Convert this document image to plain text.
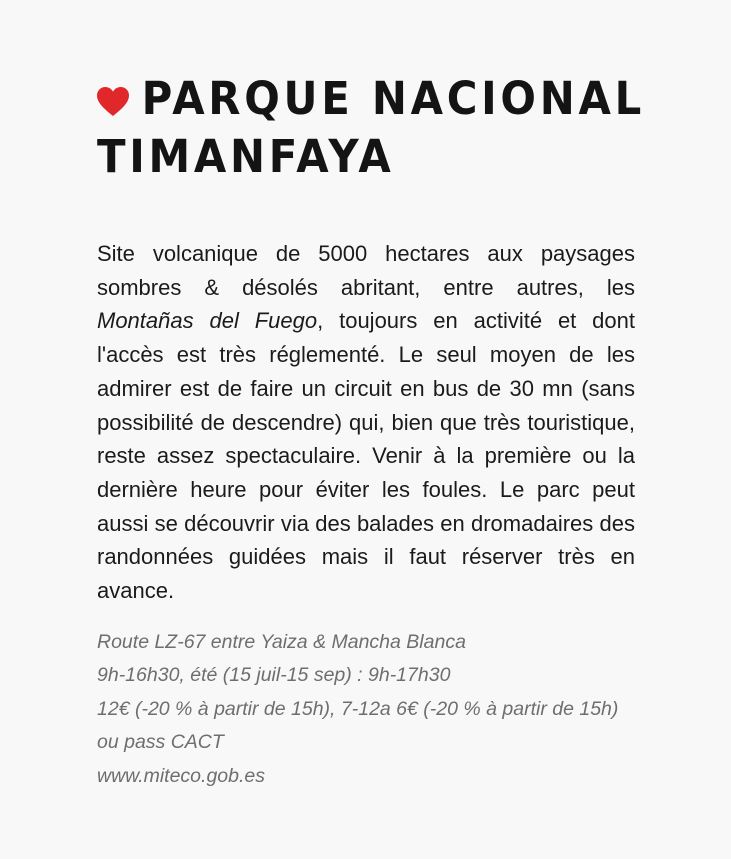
PARQUE NACIONAL
TIMANFAYA

Site volcanique de 5000 hectares aux paysages sombres & désolés abritant, entre autres, les Montañas del Fuego, toujours en activité et dont l'accès est très réglementé. Le seul moyen de les admirer est de faire un circuit en bus de 30 mn (sans possibilité de descendre) qui, bien que très touristique, reste assez spectaculaire. Venir à la première ou la dernière heure pour éviter les foules. Le parc peut aussi se découvrir via des balades en dromadaires des randonnées guidées mais il faut réserver très en avance.

Route LZ-67 entre Yaiza & Mancha Blanca
9h-16h30, été (15 juil-15 sep) : 9h-17h30
12€ (-20 % à partir de 15h), 7-12a 6€ (-20 % à partir de 15h) ou pass CACT
www.miteco.gob.es
